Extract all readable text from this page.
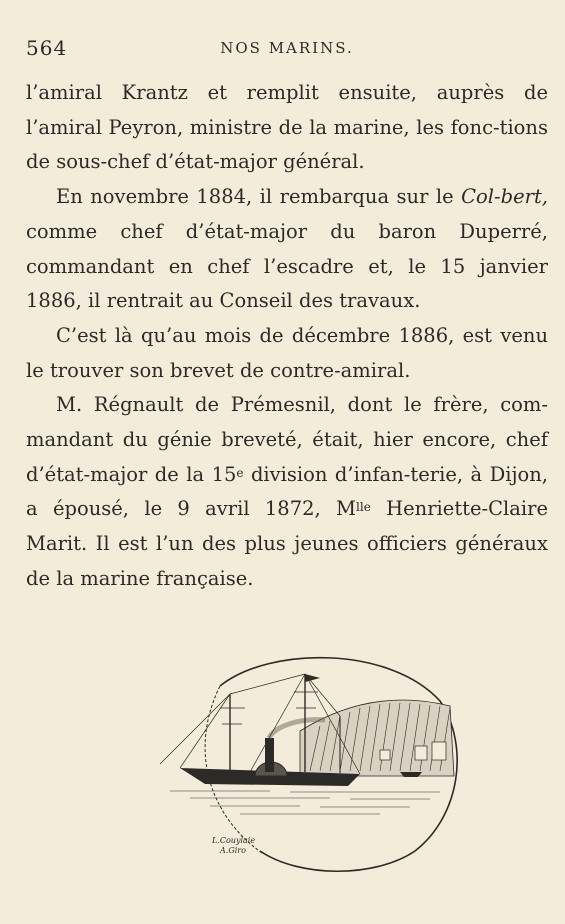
564	NOS MARINS.

l’amiral Krantz et remplit ensuite, auprès de l’amiral Peyron, ministre de la marine, les fonc-tions de sous-chef d’état-major général.

En novembre 1884, il rembarqua sur le Col-bert, comme chef d’état-major du baron Duperré, commandant en chef l’escadre et, le 15 janvier 1886, il rentrait au Conseil des travaux.

C’est là qu’au mois de décembre 1886, est venu le trouver son brevet de contre-amiral.

M. Régnault de Prémesnil, dont le frère, com-mandant du génie breveté, était, hier encore, chef d’état-major de la 15e division d’infan-terie, à Dijon, a épousé, le 9 avril 1872, $M^{lle}$ Henriette-Claire Marit. Il est l’un des plus jeunes officiers généraux de la marine française.

L.Couylaie
A.Giro
